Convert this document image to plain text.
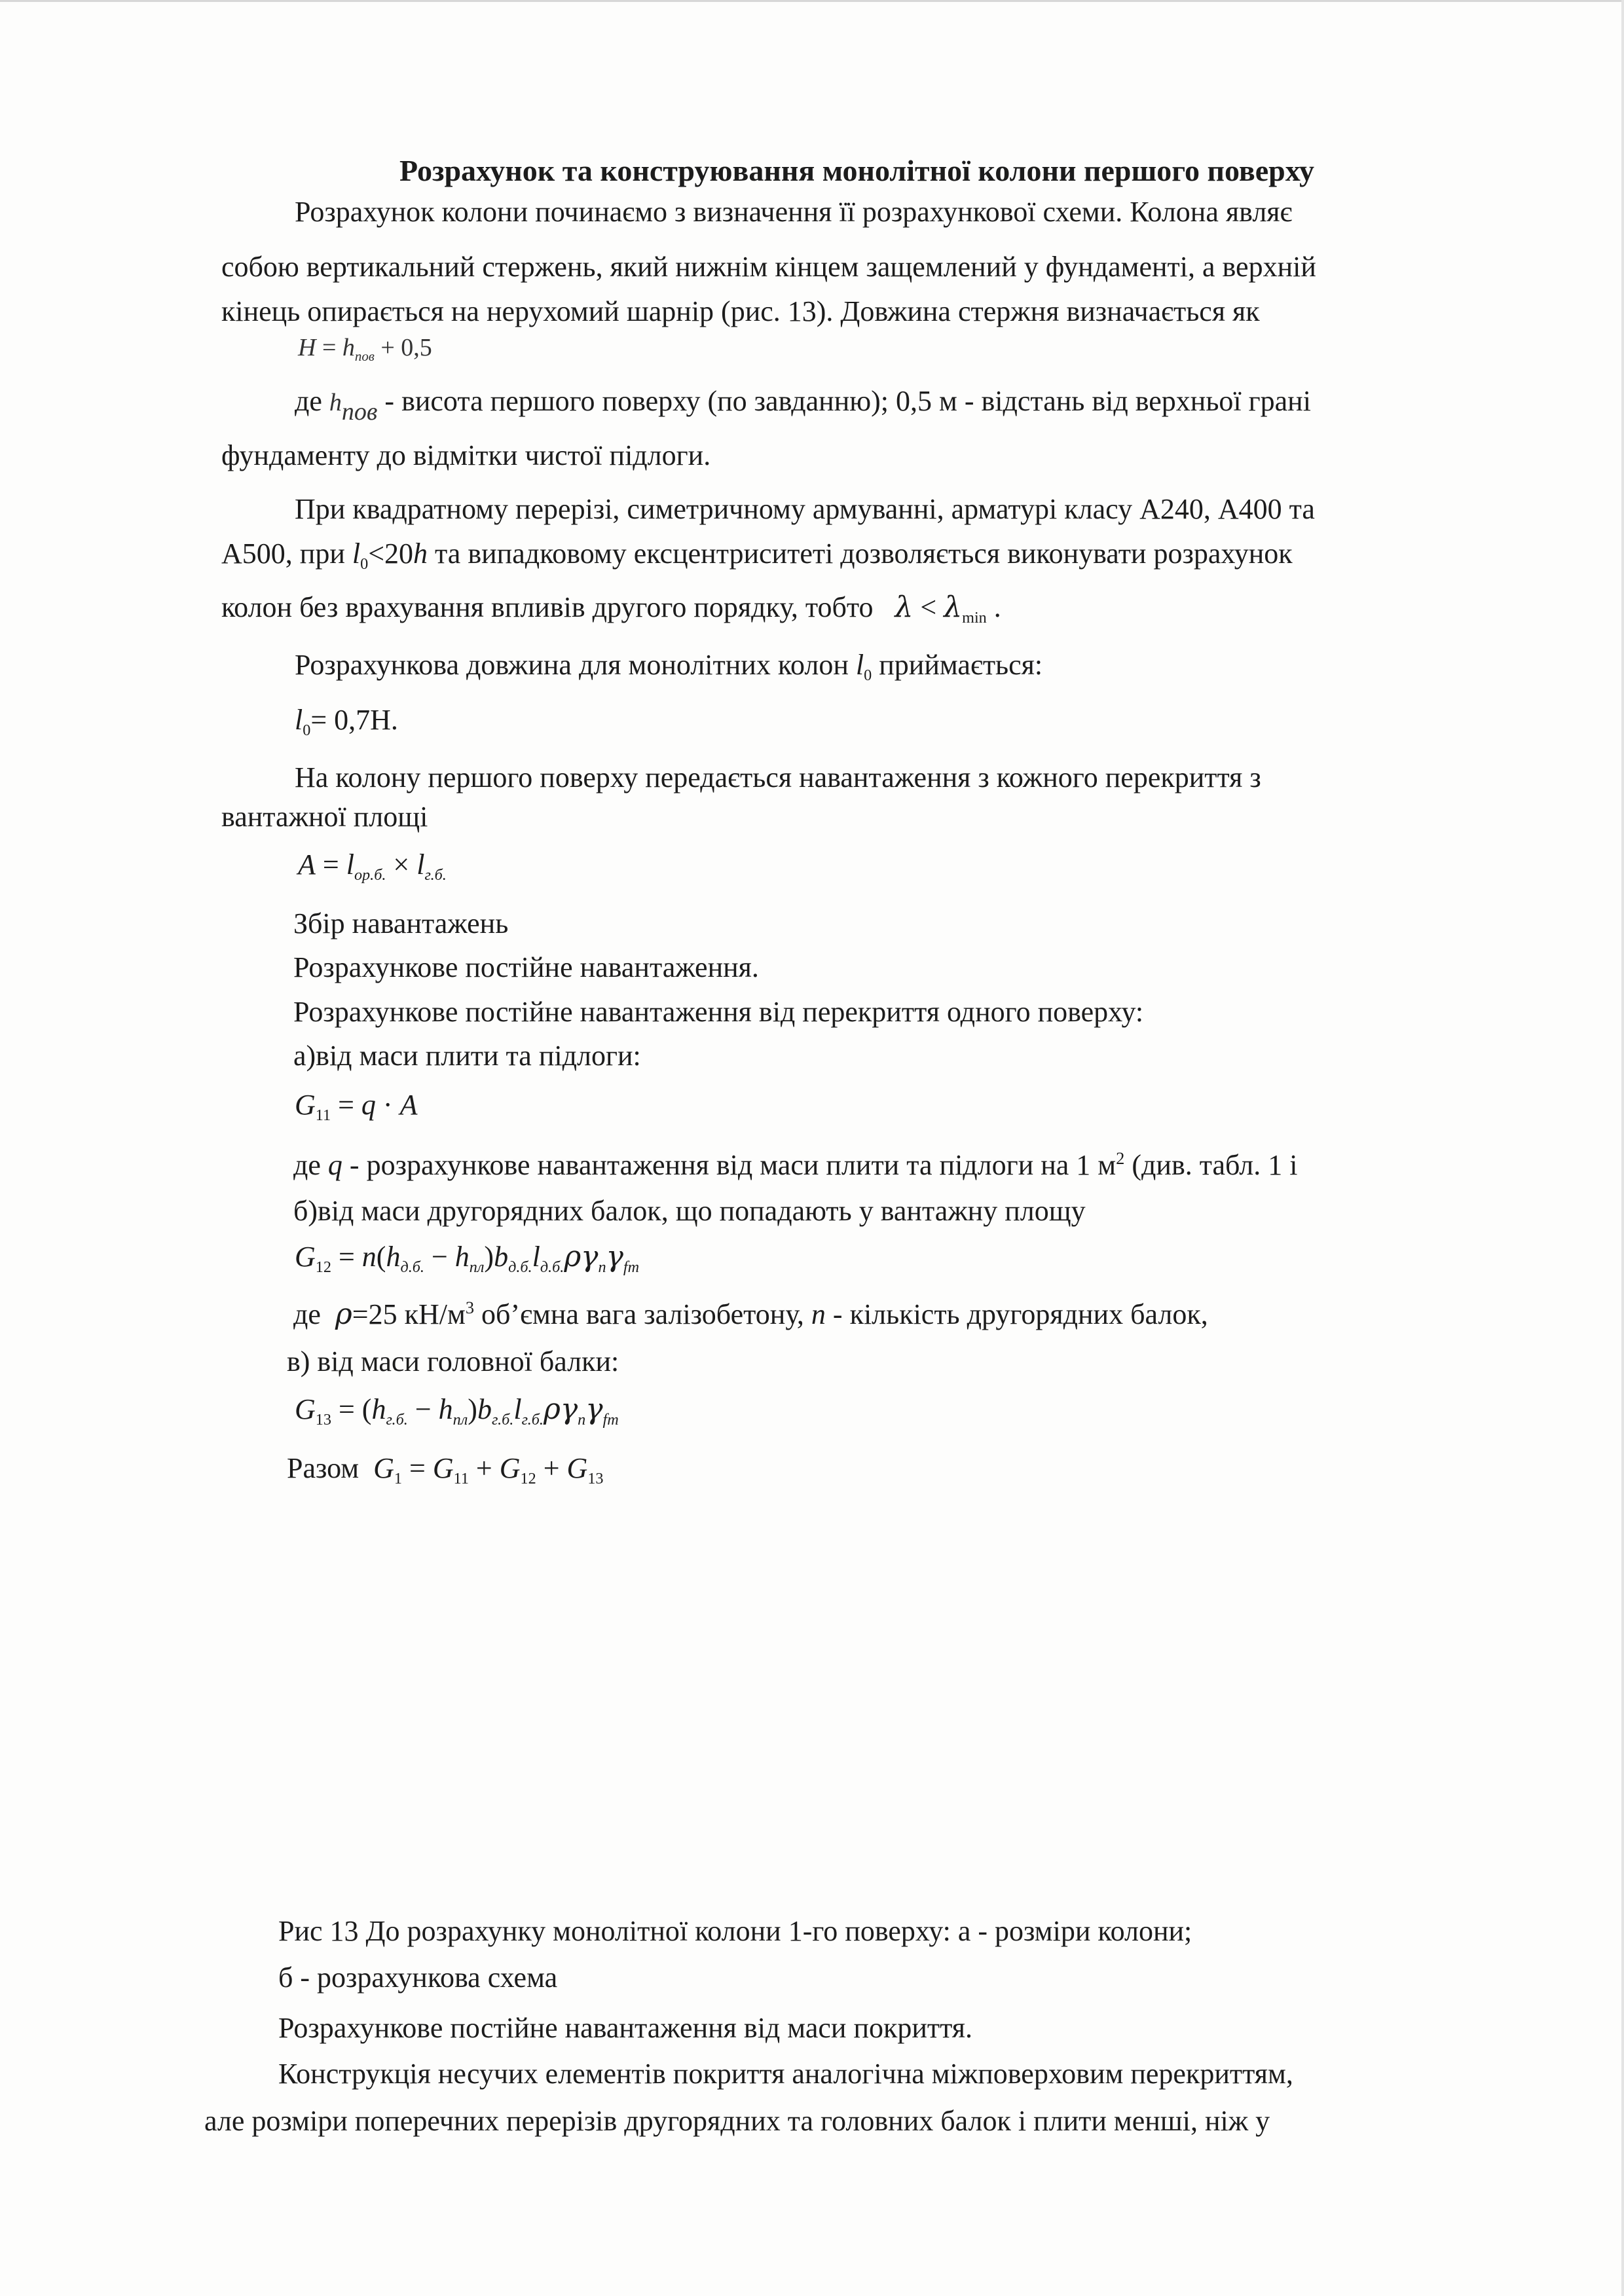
Розрахунок та конструювання монолітної колони першого поверху
Розрахунок колони починаємо з визначення її розрахункової схеми. Колона являє
собою вертикальний стержень, який нижнім кінцем защемлений у фундаменті, а верхній
кінець опирається на нерухомий шарнір (рис. 13). Довжина стержня визначається як
$H = h_{пов} + 0,5$
де hпов - висота першого поверху (по завданню); 0,5 м - відстань від верхньої грані
фундаменту до відмітки чистої підлоги.
При квадратному перерізі, симетричному армуванні, арматурі класу А240, А400 та
А500, при $l_0<20h$ та випадковому ексцентриситеті дозволяється виконувати розрахунок
колон без врахування впливів другого порядку, тобто $\lambda < \lambda_{min}$ .
Розрахункова довжина для монолітних колон $l_0$ приймається:
$l_0= 0,7Н$.
На колону першого поверху передається навантаження з кожного перекриття з
вантажної площі
$A = l_{ор.б.} \times l_{г.б.}$
Збір навантажень
Розрахункове постійне навантаження.
Розрахункове постійне навантаження від перекриття одного поверху:
а)від маси плити та підлоги:
$G_{11} = q \cdot A$
де q - розрахункове навантаження від маси плити та підлоги на 1 $м^2$ (див. табл. 1 і
б)від маси другорядних балок, що попадають у вантажну площу
$G_{12} = n(h_{д.б.} - h_{пл})b_{д.б.}l_{д.б.}\rho\gamma_n\gamma_{fm}$
де ρ=25 $кН/м^3$ об’ємна вага залізобетону, n - кількість другорядних балок,
в) від маси головної балки:
$G_{13} = (h_{г.б.} - h_{пл})b_{г.б.}l_{г.б.}\rho\gamma_n\gamma_{fm}$
Разом $G_1 = G_{11} + G_{12} + G_{13}$
Рис 13 До розрахунку монолітної колони 1-го поверху: а - розміри колони;
б - розрахункова схема
Розрахункове постійне навантаження від маси покриття.
Конструкція несучих елементів покриття аналогічна міжповерховим перекриттям,
але розміри поперечних перерізів другорядних та головних балок і плити менші, ніж у
